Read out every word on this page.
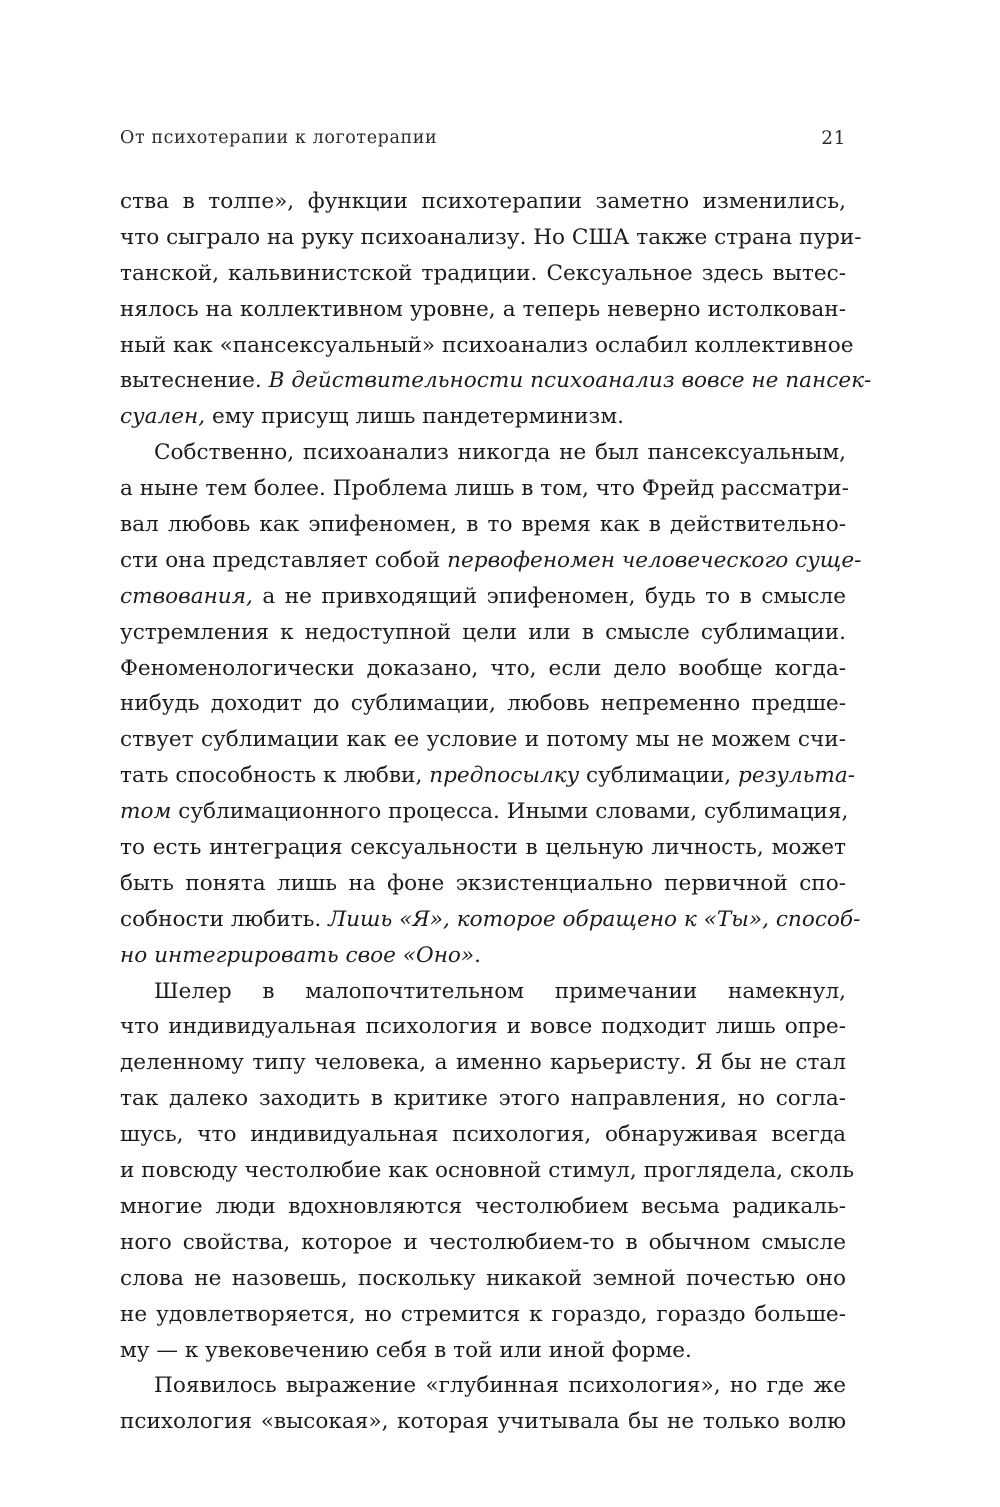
От психотерапии к логотерапии	21

ства в толпе», функции психотерапии заметно изменились,
что сыграло на руку психоанализу. Но США также страна пури-
танской, кальвинистской традиции. Сексуальное здесь вытес-
нялось на коллективном уровне, а теперь неверно истолкован-
ный как «пансексуальный» психоанализ ослабил коллективное
вытеснение. В действительности психоанализ вовсе не пансек-
суален, ему присущ лишь пандетерминизм.

Собственно, психоанализ никогда не был пансексуальным,
а ныне тем более. Проблема лишь в том, что Фрейд рассматри-
вал любовь как эпифеномен, в то время как в действительно-
сти она представляет собой первофеномен человеческого суще-
ствования, а не привходящий эпифеномен, будь то в смысле
устремления к недоступной цели или в смысле сублимации.
Феноменологически доказано, что, если дело вообще когда-
нибудь доходит до сублимации, любовь непременно предше-
ствует сублимации как ее условие и потому мы не можем счи-
тать способность к любви, предпосылку сублимации, результа-
том сублимационного процесса. Иными словами, сублимация,
то есть интеграция сексуальности в цельную личность, может
быть понята лишь на фоне экзистенциально первичной спо-
собности любить. Лишь «Я», которое обращено к «Ты», способ-
но интегрировать свое «Оно».

Шелер в малопочтительном примечании намекнул,
что индивидуальная психология и вовсе подходит лишь опре-
деленному типу человека, а именно карьеристу. Я бы не стал
так далеко заходить в критике этого направления, но согла-
шусь, что индивидуальная психология, обнаруживая всегда
и повсюду честолюбие как основной стимул, проглядела, сколь
многие люди вдохновляются честолюбием весьма радикаль-
ного свойства, которое и честолюбием-то в обычном смысле
слова не назовешь, поскольку никакой земной почестью оно
не удовлетворяется, но стремится к гораздо, гораздо больше-
му — к увековечению себя в той или иной форме.

Появилось выражение «глубинная психология», но где же
психология «высокая», которая учитывала бы не только волю
